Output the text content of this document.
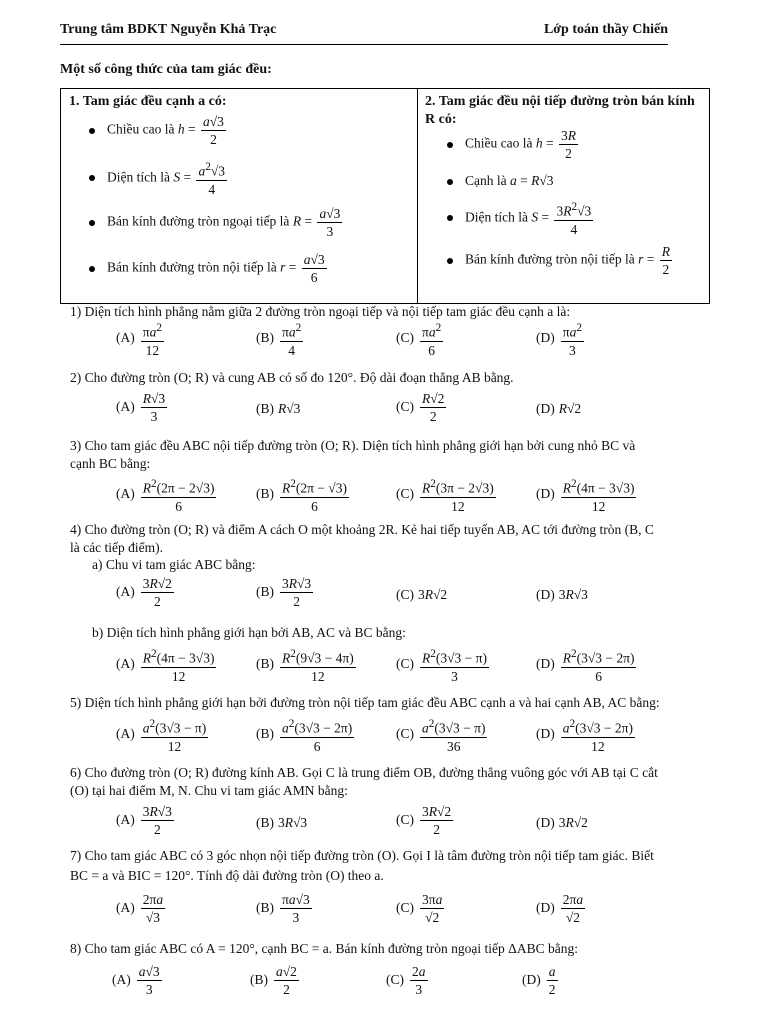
Trung tâm BDKT Nguyễn Khả Trạc	Lớp toán thầy Chiến
Một số công thức của tam giác đều:
1. Tam giác đều cạnh a có:
Chiều cao là $h = \frac{a√3}{2}$
Diện tích là $S = \frac{a^2√3}{4}$
Bán kính đường tròn ngoại tiếp là $R = \frac{a√3}{3}$
Bán kính đường tròn nội tiếp là $r = \frac{a√3}{6}$
2. Tam giác đều nội tiếp đường tròn bán kính R có:
Chiều cao là $h = \frac{3R}{2}$
Cạnh là a = R√3
Diện tích là $S = \frac{3R^2√3}{4}$
Bán kính đường tròn nội tiếp là $r = \frac{R}{2}$
1) Diện tích hình phẳng nằm giữa 2 đường tròn ngoại tiếp và nội tiếp tam giác đều cạnh a là:
$(A) \frac{\pi a^2}{12}$	$(B) \frac{\pi a^2}{4}$	$(C) \frac{\pi a^2}{6}$	$(D) \frac{\pi a^2}{3}$
2) Cho đường tròn (O; R) và cung AB có số đo 120°. Độ dài đoạn thẳng AB bằng.
$(A) \frac{R√3}{3}$	(B) R√3	$(C) \frac{R√2}{2}$	(D) R√2
3) Cho tam giác đều ABC nội tiếp đường tròn (O; R). Diện tích hình phẳng giới hạn bởi cung nhỏ BC và
cạnh BC bằng:
$(A) \frac{R^2(2\pi - 2√3)}{6}$	$(B) \frac{R^2(2\pi - √3)}{6}$	$(C) \frac{R^2(3\pi - 2√3)}{12}$	$(D) \frac{R^2(4\pi - 3√3)}{12}$
4) Cho đường tròn (O; R) và điểm A cách O một khoảng 2R. Kẻ hai tiếp tuyến AB, AC tới đường tròn (B, C
là các tiếp điểm).
a) Chu vi tam giác ABC bằng:
$(A) \frac{3R√2}{2}$	$(B) \frac{3R√3}{2}$	(C) 3R√2	(D) 3R√3
b) Diện tích hình phẳng giới hạn bởi AB, AC và BC bằng:
$(A) \frac{R^2(4\pi - 3√3)}{12}$	$(B) \frac{R^2(9√3 - 4\pi)}{12}$	$(C) \frac{R^2(3√3 - \pi)}{3}$	$(D) \frac{R^2(3√3 - 2\pi)}{6}$
5) Diện tích hình phẳng giới hạn bởi đường tròn nội tiếp tam giác đều ABC cạnh a và hai cạnh AB, AC bằng:
$(A) \frac{a^2(3√3 - \pi)}{12}$	$(B) \frac{a^2(3√3 - 2\pi)}{6}$	$(C) \frac{a^2(3√3 - \pi)}{36}$	$(D) \frac{a^2(3√3 - 2\pi)}{12}$
6) Cho đường tròn (O; R) đường kính AB. Gọi C là trung điểm OB, đường thẳng vuông góc với AB tại C cắt
(O) tại hai điểm M, N. Chu vi tam giác AMN bằng:
$(A) \frac{3R√3}{2}$	(B) 3R√3	$(C) \frac{3R√2}{2}$	(D) 3R√2
7) Cho tam giác ABC có 3 góc nhọn nội tiếp đường tròn (O). Gọi I là tâm đường tròn nội tiếp tam giác. Biết
BC = a và BIC = 120°. Tính độ dài đường tròn (O) theo a.
$(A) \frac{2\pi a}{√3}$	$(B) \frac{\pi a√3}{3}$	$(C) \frac{3\pi a}{√2}$	$(D) \frac{2\pi a}{√2}$
8) Cho tam giác ABC có A = 120°, cạnh BC = a. Bán kính đường tròn ngoại tiếp ΔABC bằng:
$(A) \frac{a√3}{3}$	$(B) \frac{a√2}{2}$	$(C) \frac{2a}{3}$	$(D) \frac{a}{2}$
